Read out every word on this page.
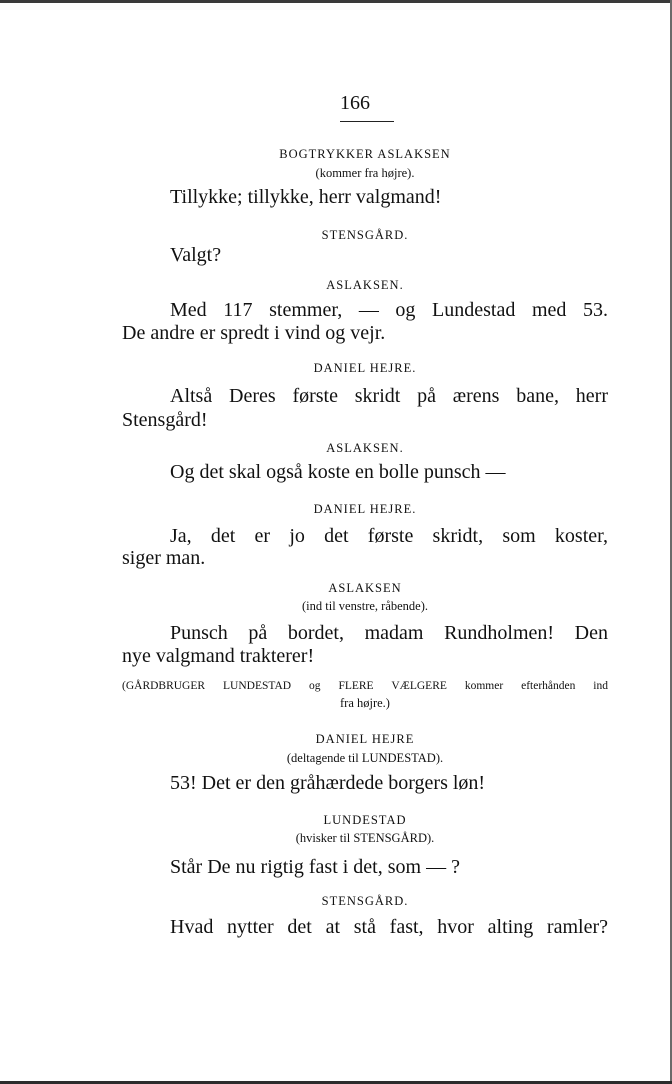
166
BOGTRYKKER ASLAKSEN
(kommer fra højre).
Tillykke; tillykke, herr valgmand!
STENSGÅRD.
Valgt?
ASLAKSEN.
Med 117 stemmer, — og Lundestad med 53.
De andre er spredt i vind og vejr.
DANIEL HEJRE.
Altså Deres første skridt på ærens bane, herr
Stensgård!
ASLAKSEN.
Og det skal også koste en bolle punsch —
DANIEL HEJRE.
Ja, det er jo det første skridt, som koster,
siger man.
ASLAKSEN
(ind til venstre, råbende).
Punsch på bordet, madam Rundholmen! Den
nye valgmand trakterer!
(GÅRDBRUGER LUNDESTAD og FLERE VÆLGERE kommer efterhånden ind
fra højre.)
DANIEL HEJRE
(deltagende til LUNDESTAD).
53! Det er den gråhærdede borgers løn!
LUNDESTAD
(hvisker til STENSGÅRD).
Står De nu rigtig fast i det, som — ?
STENSGÅRD.
Hvad nytter det at stå fast, hvor alting ramler?
